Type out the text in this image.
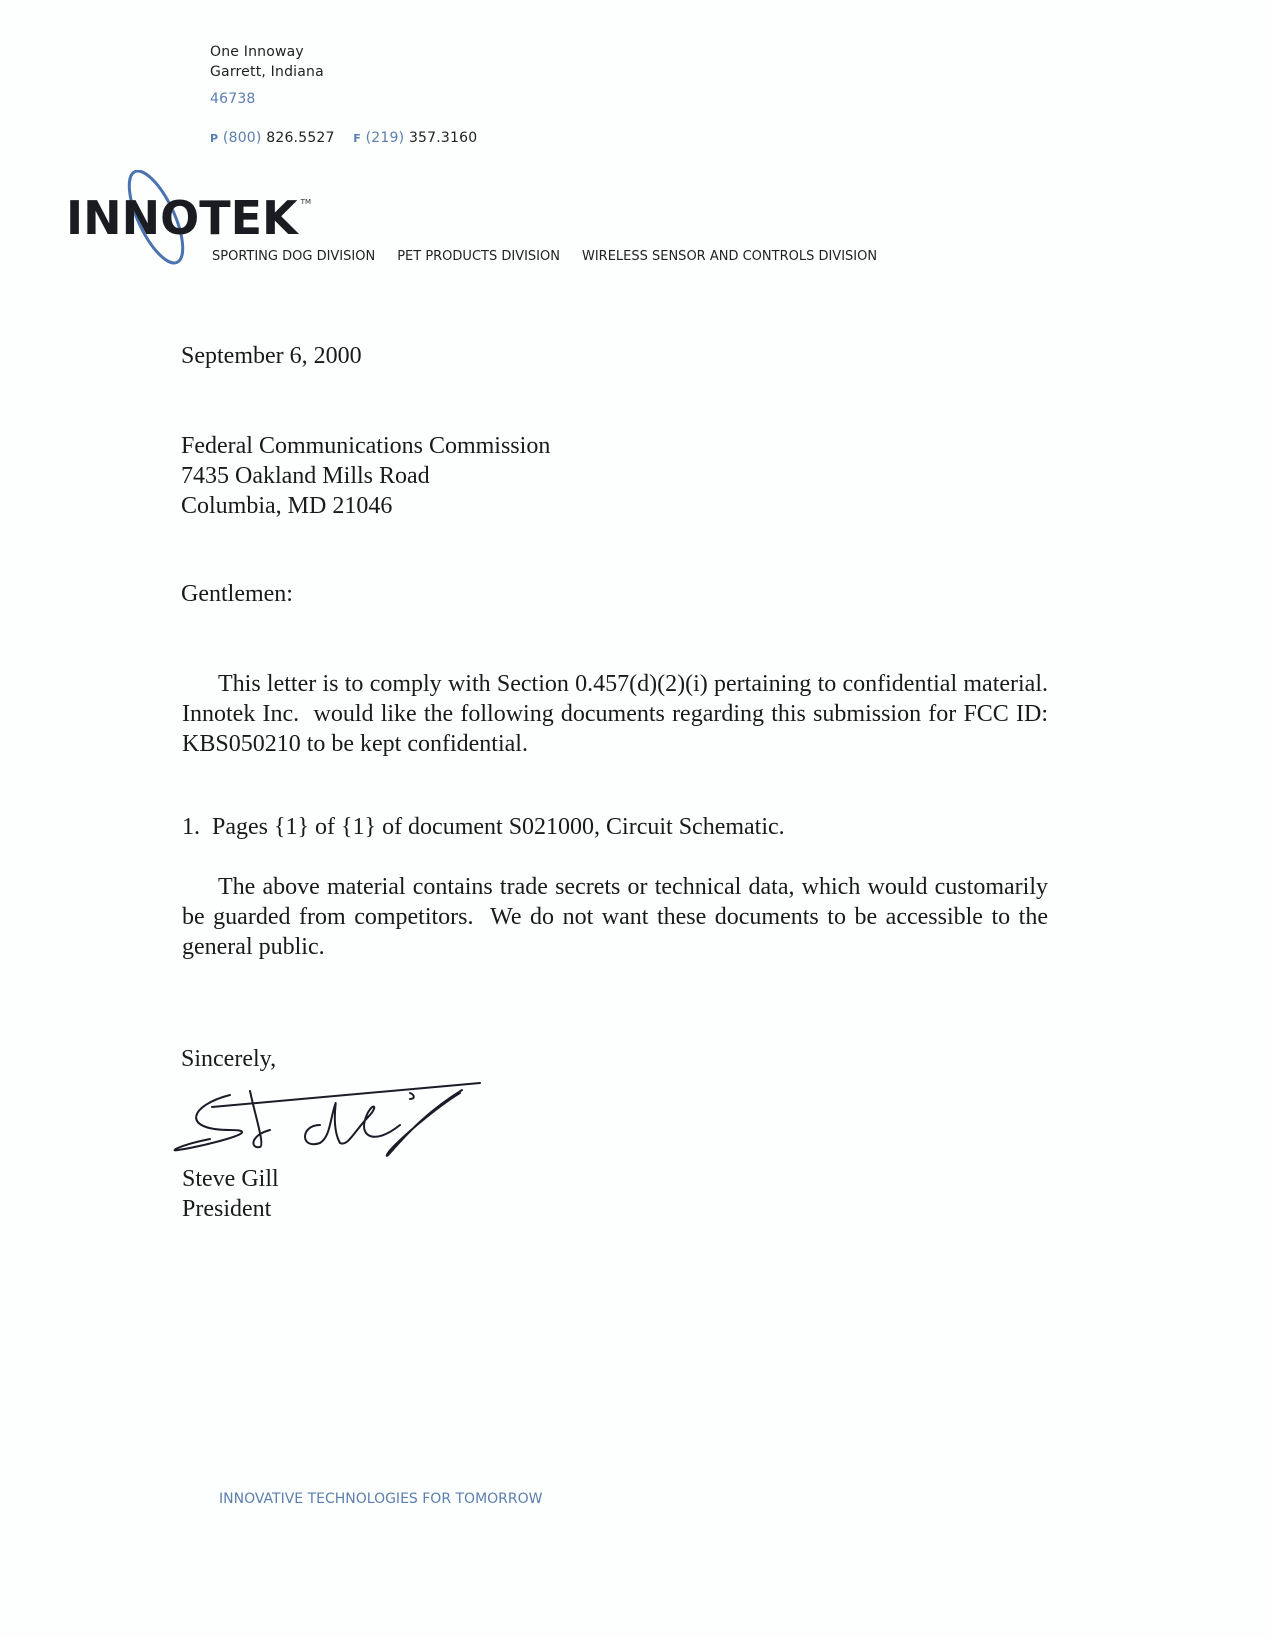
One Innoway
Garrett, Indiana
46738
P (800) 826.5527 F (219) 357.3160
INNOTEK TM
SPORTING DOG DIVISION PET PRODUCTS DIVISION WIRELESS SENSOR AND CONTROLS DIVISION
September 6, 2000
Federal Communications Commission
7435 Oakland Mills Road
Columbia, MD 21046
Gentlemen:
This letter is to comply with Section 0.457(d)(2)(i) pertaining to confidential material.  Innotek Inc.  would like the following documents regarding this submission for FCC ID: KBS050210 to be kept confidential.
1. Pages {1} of {1} of document S021000, Circuit Schematic.
The above material contains trade secrets or technical data, which would customarily be guarded from competitors.  We do not want these documents to be accessible to the general public.
Sincerely,
Steve Gill
President
INNOVATIVE TECHNOLOGIES FOR TOMORROW
